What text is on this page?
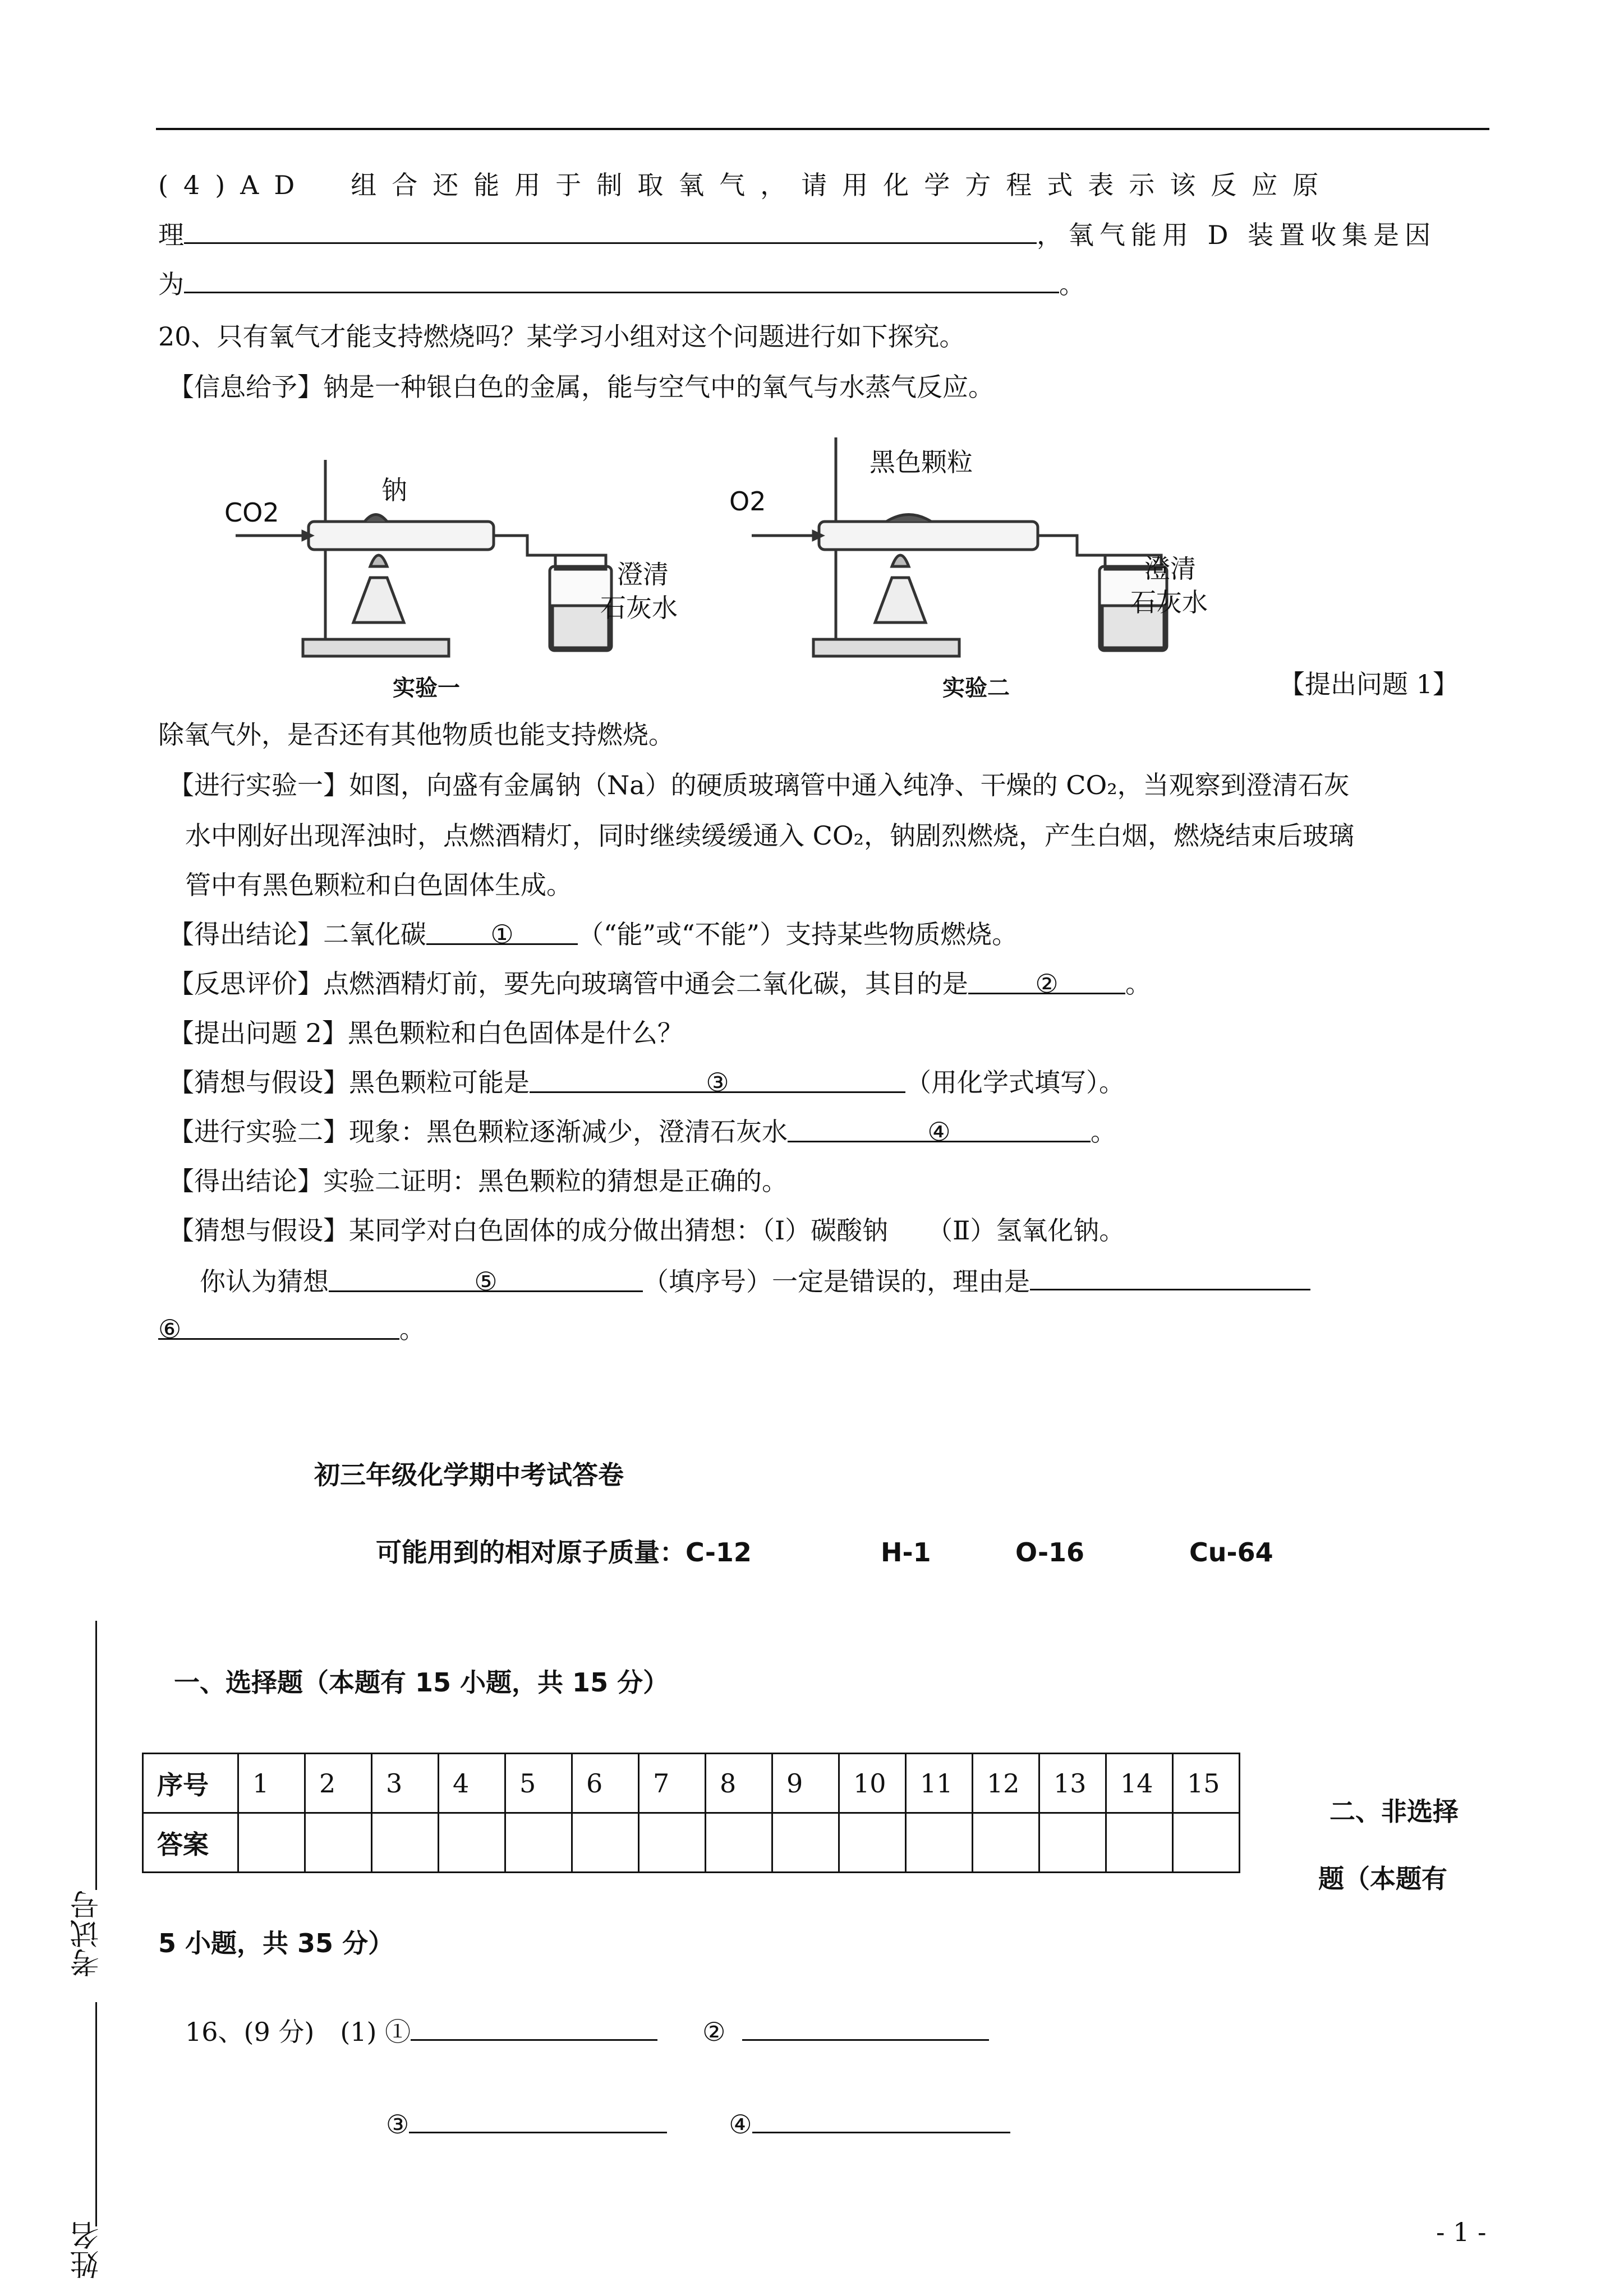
(4)AD　组合还能用于制取氧气，请用化学方程式表示该反应原
理	，氧气能用 D 装置收集是因
为	。
20、只有氧气才能支持燃烧吗？某学习小组对这个问题进行如下探究。
【信息给予】钠是一种银白色的金属，能与空气中的氧气与水蒸气反应。
CO2
钠
澄清
石灰水
实验一
O2
黑色颗粒
澄清
石灰水
实验二	【提出问题 1】
除氧气外，是否还有其他物质也能支持燃烧。
【进行实验一】如图，向盛有金属钠（Na）的硬质玻璃管中通入纯净、干燥的 CO₂，当观察到澄清石灰
水中刚好出现浑浊时，点燃酒精灯，同时继续缓缓通入 CO₂，钠剧烈燃烧，产生白烟，燃烧结束后玻璃
管中有黑色颗粒和白色固体生成。
【得出结论】二氧化碳 ① （“能”或“不能”）支持某些物质燃烧。
【反思评价】点燃酒精灯前，要先向玻璃管中通会二氧化碳，其目的是	②	。
【提出问题 2】黑色颗粒和白色固体是什么？
【猜想与假设】黑色颗粒可能是	③	（用化学式填写）。
【进行实验二】现象：黑色颗粒逐渐减少，澄清石灰水	④	。
【得出结论】实验二证明：黑色颗粒的猜想是正确的。
【猜想与假设】某同学对白色固体的成分做出猜想：（Ⅰ）碳酸钠　　（Ⅱ）氢氧化钠。
你认为猜想	⑤	（填序号）一定是错误的，理由是
⑥	。
初三年级化学期中考试答卷
可能用到的相对原子质量：C-12	H-1	O-16	Cu-64
一、选择题（本题有 15 小题，共 15 分）
序号	1	2	3	4	5	6	7	8	9	10	11	12	13	14	15
答案															
二、非选择
题（本题有
5 小题，共 35 分）
16、(9 分)　(1) ①	②
③	④
- 1 -
考试号
姓名
